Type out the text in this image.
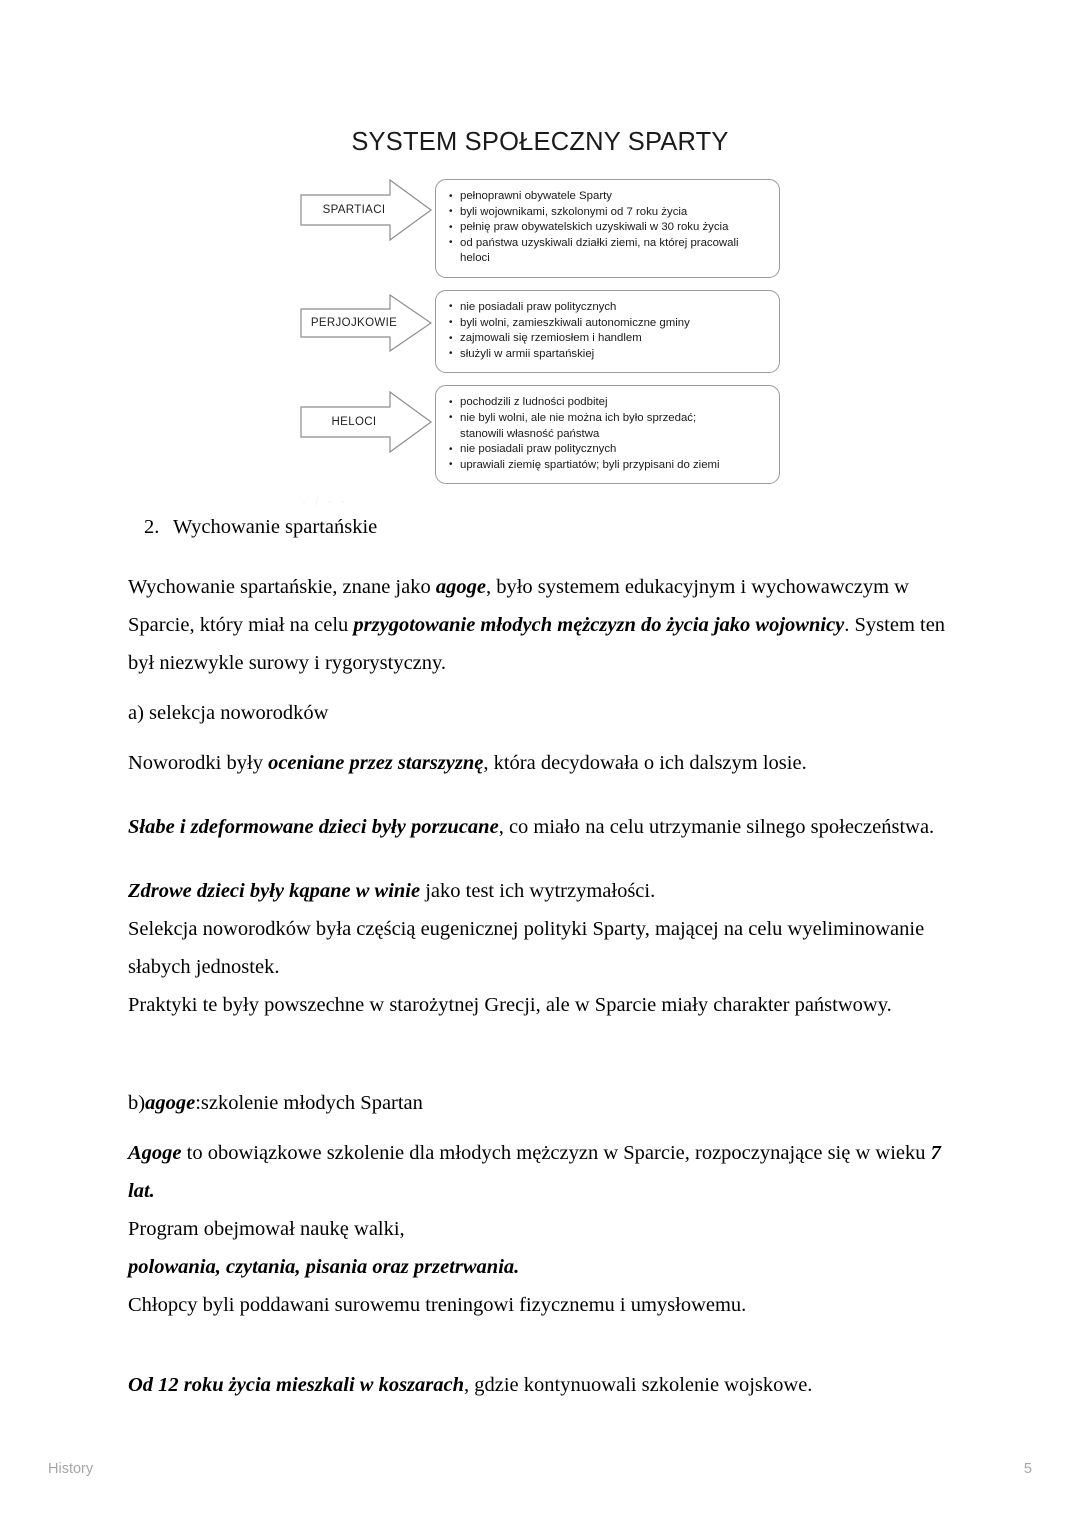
SYSTEM SPOŁECZNY SPARTY
SPARTIACI
• pełnoprawni obywatele Sparty
• byli wojownikami, szkolonymi od 7 roku życia
• pełnię praw obywatelskich uzyskiwali w 30 roku życia
• od państwa uzyskiwali działki ziemi, na której pracowali
heloci
PERJOJKOWIE
• nie posiadali praw politycznych
• byli wolni, zamieszkiwali autonomiczne gminy
• zajmowali się rzemiosłem i handlem
• służyli w armii spartańskiej
HELOCI
• pochodzili z ludności podbitej
• nie byli wolni, ale nie można ich było sprzedać;
stanowili własność państwa
• nie posiadali praw politycznych
• uprawiali ziemię spartiatów; byli przypisani do ziemi
- / - -
2. Wychowanie spartańskie

Wychowanie spartańskie, znane jako agoge, było systemem edukacyjnym i wychowawczym w Sparcie, który miał na celu przygotowanie młodych mężczyzn do życia jako wojownicy. System ten był niezwykle surowy i rygorystyczny.

a) selekcja noworodków

Noworodki były oceniane przez starszyznę, która decydowała o ich dalszym losie.

Słabe i zdeformowane dzieci były porzucane, co miało na celu utrzymanie silnego społeczeństwa.

Zdrowe dzieci były kąpane w winie jako test ich wytrzymałości.

Selekcja noworodków była częścią eugenicznej polityki Sparty, mającej na celu wyeliminowanie słabych jednostek.

Praktyki te były powszechne w starożytnej Grecji, ale w Sparcie miały charakter państwowy.

b)agoge:szkolenie młodych Spartan

Agoge to obowiązkowe szkolenie dla młodych mężczyzn w Sparcie, rozpoczynające się w wieku 7 lat.

Program obejmował naukę walki,

polowania, czytania, pisania oraz przetrwania.

Chłopcy byli poddawani surowemu treningowi fizycznemu i umysłowemu.

Od 12 roku życia mieszkali w koszarach, gdzie kontynuowali szkolenie wojskowe.

History	5
